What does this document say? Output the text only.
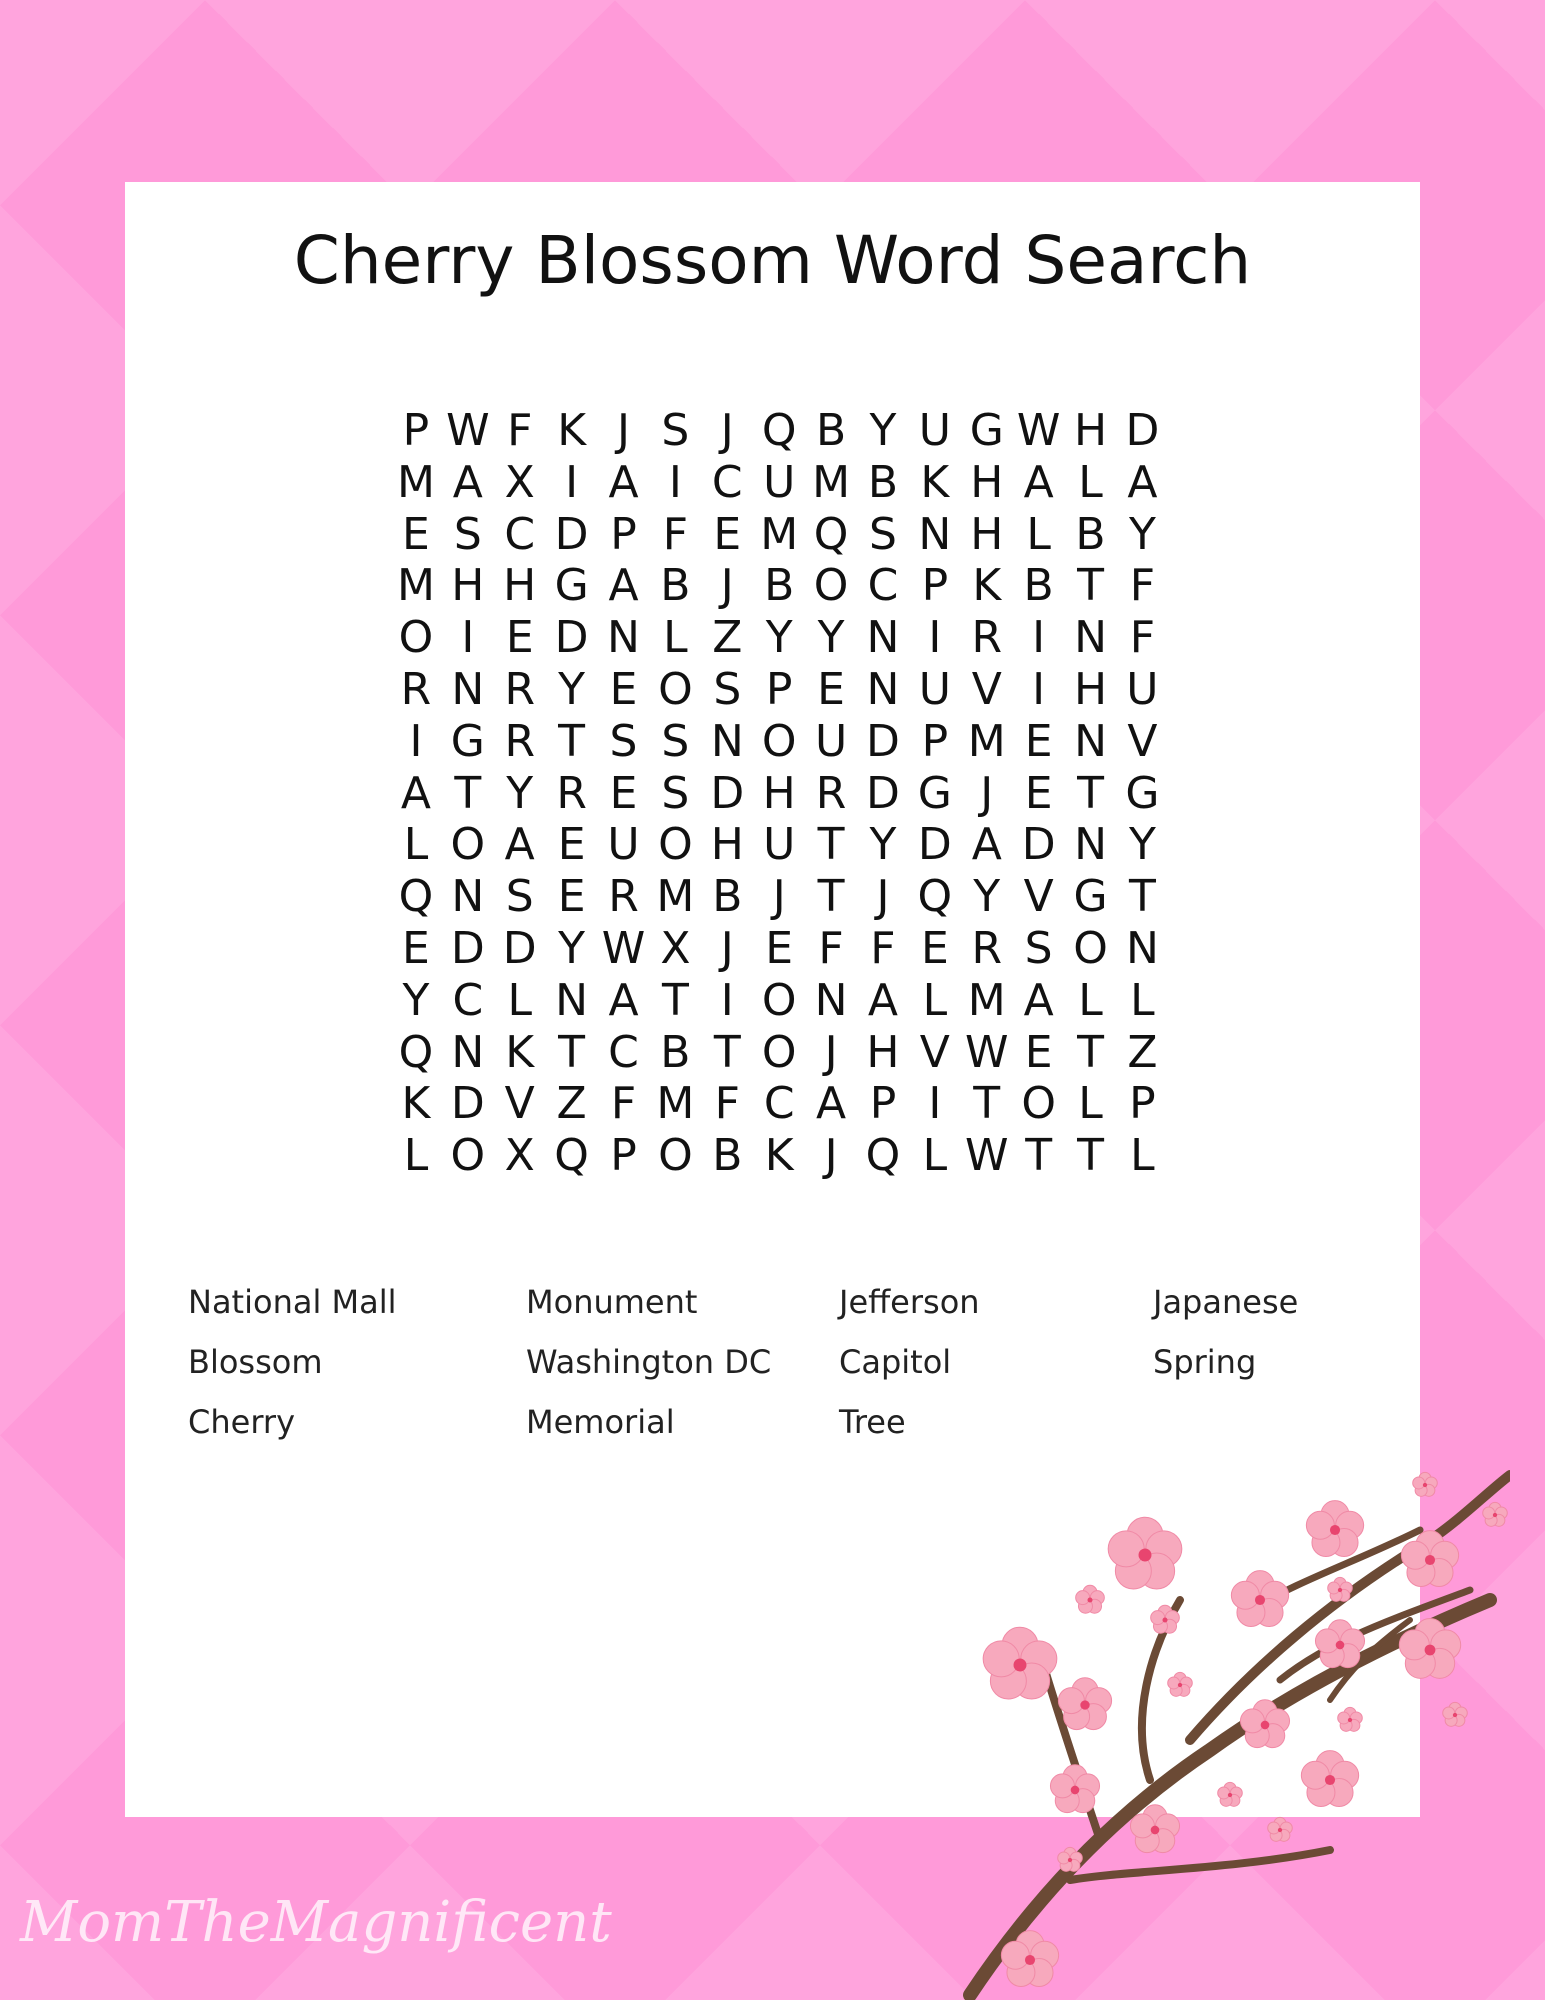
Cherry Blossom Word Search
P W F K J S J Q B Y U G W H D
M A X I A I C U M B K H A L A
E S C D P F E M Q S N H L B Y
M H H G A B J B O C P K B T F
O I E D N L Z Y Y N I R I N F
R N R Y E O S P E N U V I H U
I G R T S S N O U D P M E N V
A T Y R E S D H R D G J E T G
L O A E U O H U T Y D A D N Y
Q N S E R M B J T J Q Y V G T
E D D Y W X J E F F E R S O N
Y C L N A T I O N A L M A L L
Q N K T C B T O J H V W E T Z
K D V Z F M F C A P I T O L P
L O X Q P O B K J Q L W T T L
National Mall	Monument	Jefferson	Japanese
Blossom	Washington DC	Capitol	Spring
Cherry	Memorial	Tree
MomTheMagnificent
